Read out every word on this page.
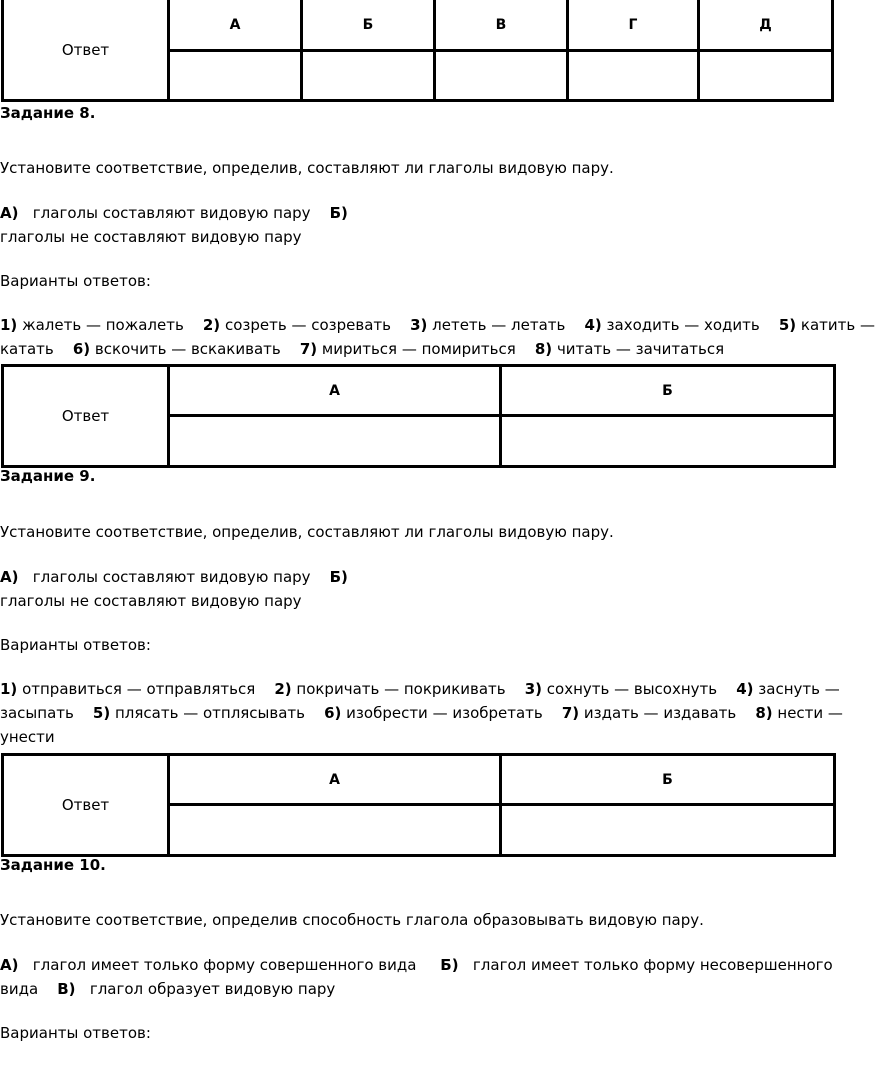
Ответ	А	Б	В	Г	Д

Задание 8.
Установите соответствие, определив, составляют ли глаголы видовую пару.
А) глаголы составляют видовую пару Б)
глаголы не составляют видовую пару
Варианты ответов:
1) жалеть — пожалеть 2) созреть — созревать 3) лететь — летать 4) заходить — ходить 5) катить —
катать 6) вскочить — вскакивать 7) мириться — помириться 8) читать — зачитаться
Ответ	А	Б

Задание 9.
Установите соответствие, определив, составляют ли глаголы видовую пару.
А) глаголы составляют видовую пару Б)
глаголы не составляют видовую пару
Варианты ответов:
1) отправиться — отправляться 2) покричать — покрикивать 3) сохнуть — высохнуть 4) заснуть —
засыпать 5) плясать — отплясывать 6) изобрести — изобретать 7) издать — издавать 8) нести —
унести
Ответ	А	Б

Задание 10.
Установите соответствие, определив способность глагола образовывать видовую пару.
А) глагол имеет только форму совершенного вида Б) глагол имеет только форму несовершенного
вида В) глагол образует видовую пару
Варианты ответов:
